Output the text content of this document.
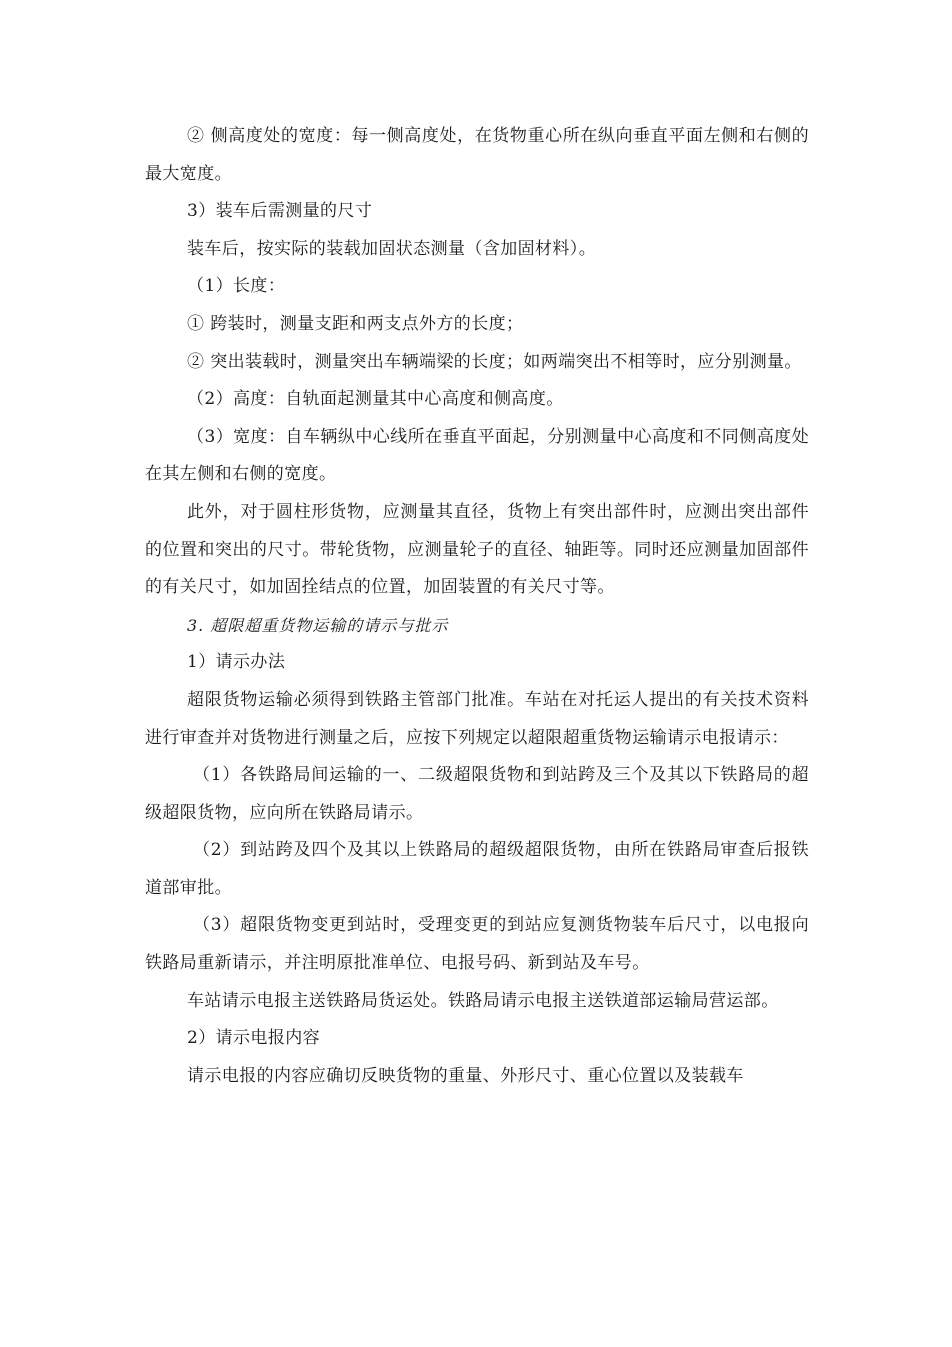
② 侧高度处的宽度：每一侧高度处，在货物重心所在纵向垂直平面左侧和右侧的最大宽度。

3）装车后需测量的尺寸

装车后，按实际的装载加固状态测量（含加固材料）。

（1）长度：

① 跨装时，测量支距和两支点外方的长度；

② 突出装载时，测量突出车辆端梁的长度；如两端突出不相等时，应分别测量。

（2）高度：自轨面起测量其中心高度和侧高度。

（3）宽度：自车辆纵中心线所在垂直平面起，分别测量中心高度和不同侧高度处在其左侧和右侧的宽度。

此外，对于圆柱形货物，应测量其直径，货物上有突出部件时，应测出突出部件的位置和突出的尺寸。带轮货物，应测量轮子的直径、轴距等。同时还应测量加固部件的有关尺寸，如加固拴结点的位置，加固装置的有关尺寸等。

3. 超限超重货物运输的请示与批示

1）请示办法

超限货物运输必须得到铁路主管部门批准。车站在对托运人提出的有关技术资料进行审查并对货物进行测量之后，应按下列规定以超限超重货物运输请示电报请示：

（1）各铁路局间运输的一、二级超限货物和到站跨及三个及其以下铁路局的超级超限货物，应向所在铁路局请示。

（2）到站跨及四个及其以上铁路局的超级超限货物，由所在铁路局审查后报铁道部审批。

（3）超限货物变更到站时，受理变更的到站应复测货物装车后尺寸，以电报向铁路局重新请示，并注明原批准单位、电报号码、新到站及车号。

车站请示电报主送铁路局货运处。铁路局请示电报主送铁道部运输局营运部。

2）请示电报内容

请示电报的内容应确切反映货物的重量、外形尺寸、重心位置以及装载车
